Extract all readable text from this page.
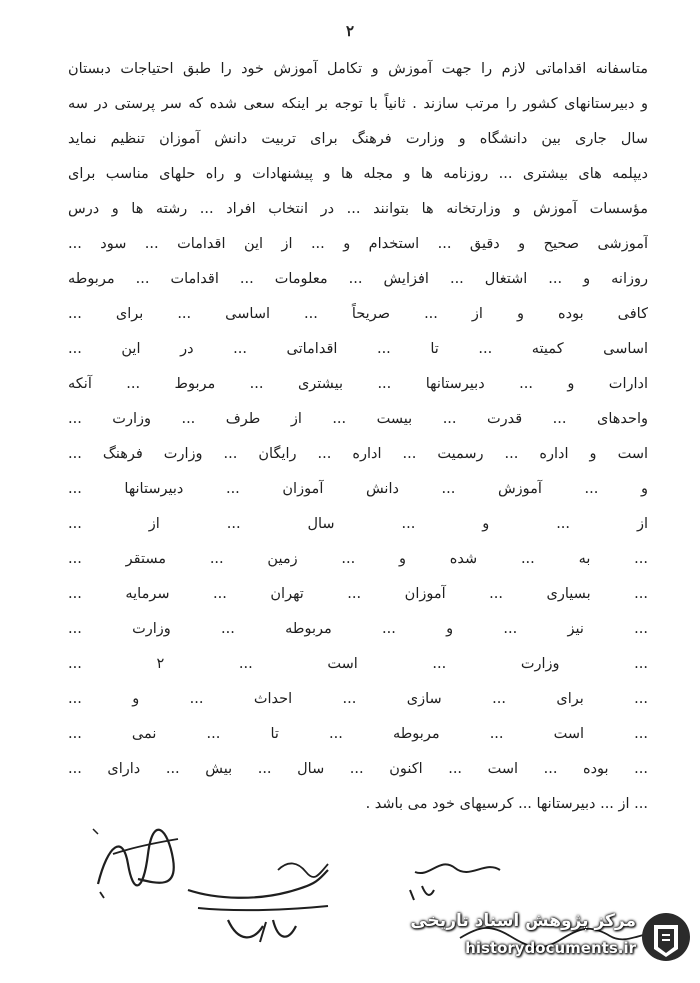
۲
متاسفانه اقداماتی لازم را جهت آموزش و تکامل آموزش خود را طبق احتیاجات دبستان
و دبیرستانهای کشور را مرتب سازند . ثانیاً با توجه بر اینکه سعی شده که سر پرستی در سه
سال جاری بین دانشگاه و وزارت فرهنگ برای تربیت دانش آموزان تنظیم نماید
دیپلمه های بیشتری ... روزنامه ها و مجله ها و پیشنهادات و راه حلهای مناسب برای
مؤسسات آموزش و وزارتخانه ها بتوانند ... در انتخاب افراد ... رشته ها و درس
آموزشی صحیح و دقیق ... استخدام و ... از این اقدامات ... سود ...
روزانه و ... اشتغال ... افزایش ... معلومات ... اقدامات ... مربوطه
کافی بوده و از ... صریحاً ... اساسی ... برای ...
اساسی کمیته ... تا ... اقداماتی ... در این ...
ادارات و ... دبیرستانها ... بیشتری ... مربوط ... آنکه
واحدهای ... قدرت ... بیست ... از طرف ... وزارت ...
است و اداره ... رسمیت ... اداره ... رایگان ... وزارت فرهنگ ...
و ... آموزش ... دانش آموزان ... دبیرستانها ...
از ... و ... سال ... از ...
... به ... شده و ... زمین ... مستقر ...
... بسیاری ... آموزان ... تهران ... سرمایه ...
... نیز ... و ... مربوطه ... وزارت ...
... وزارت ... است ... ۲ ...
... برای ... سازی ... احداث ... و ...
... است ... مربوطه ... تا ... نمی ...
... بوده ... است ... اکنون ... سال ... بیش ... دارای ...
... از ... دبیرستانها ... کرسیهای خود می باشد .
مرکز پژوهش اسناد تاریخی
historydocuments.ir
